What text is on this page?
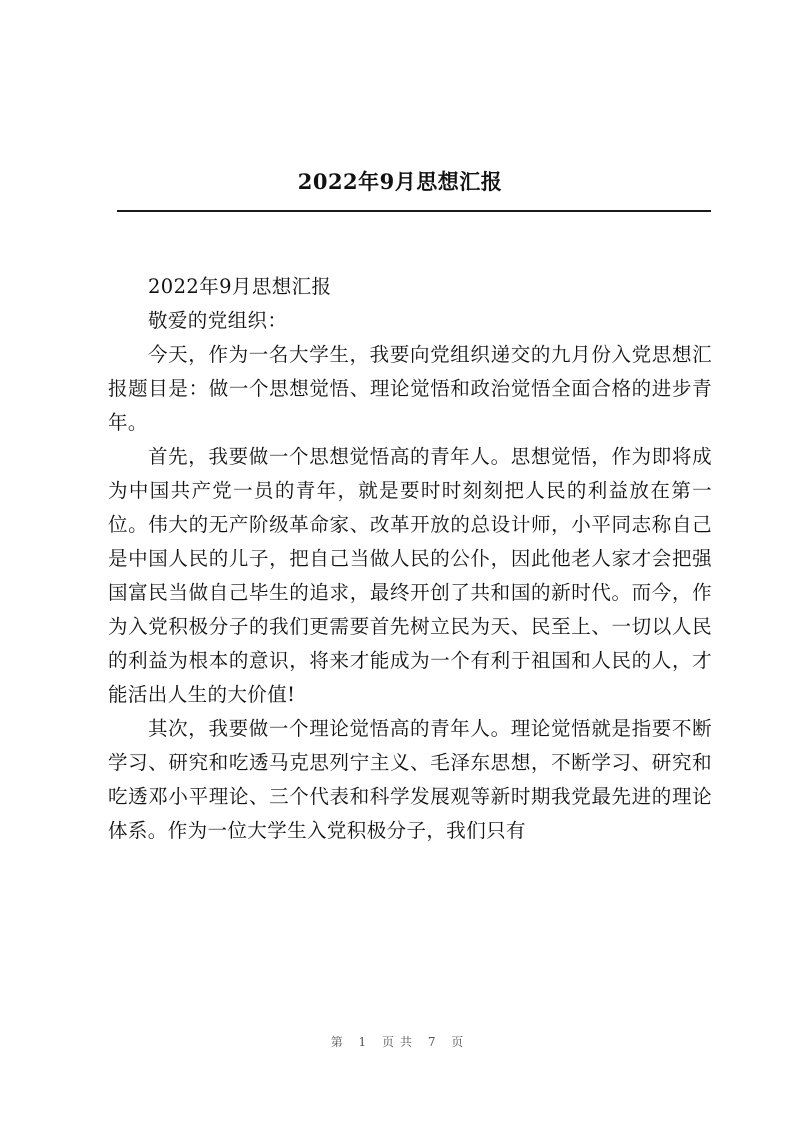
2022年9月思想汇报

2022年9月思想汇报

敬爱的党组织：

今天，作为一名大学生，我要向党组织递交的九月份入党思想汇报题目是：做一个思想觉悟、理论觉悟和政治觉悟全面合格的进步青年。

首先，我要做一个思想觉悟高的青年人。思想觉悟，作为即将成为中国共产党一员的青年，就是要时时刻刻把人民的利益放在第一位。伟大的无产阶级革命家、改革开放的总设计师，小平同志称自己是中国人民的儿子，把自己当做人民的公仆，因此他老人家才会把强国富民当做自己毕生的追求，最终开创了共和国的新时代。而今，作为入党积极分子的我们更需要首先树立民为天、民至上、一切以人民的利益为根本的意识，将来才能成为一个有利于祖国和人民的人，才能活出人生的大价值!

其次，我要做一个理论觉悟高的青年人。理论觉悟就是指要不断学习、研究和吃透马克思列宁主义、毛泽东思想，不断学习、研究和吃透邓小平理论、三个代表和科学发展观等新时期我党最先进的理论体系。作为一位大学生入党积极分子，我们只有

第 1 页共 7 页
